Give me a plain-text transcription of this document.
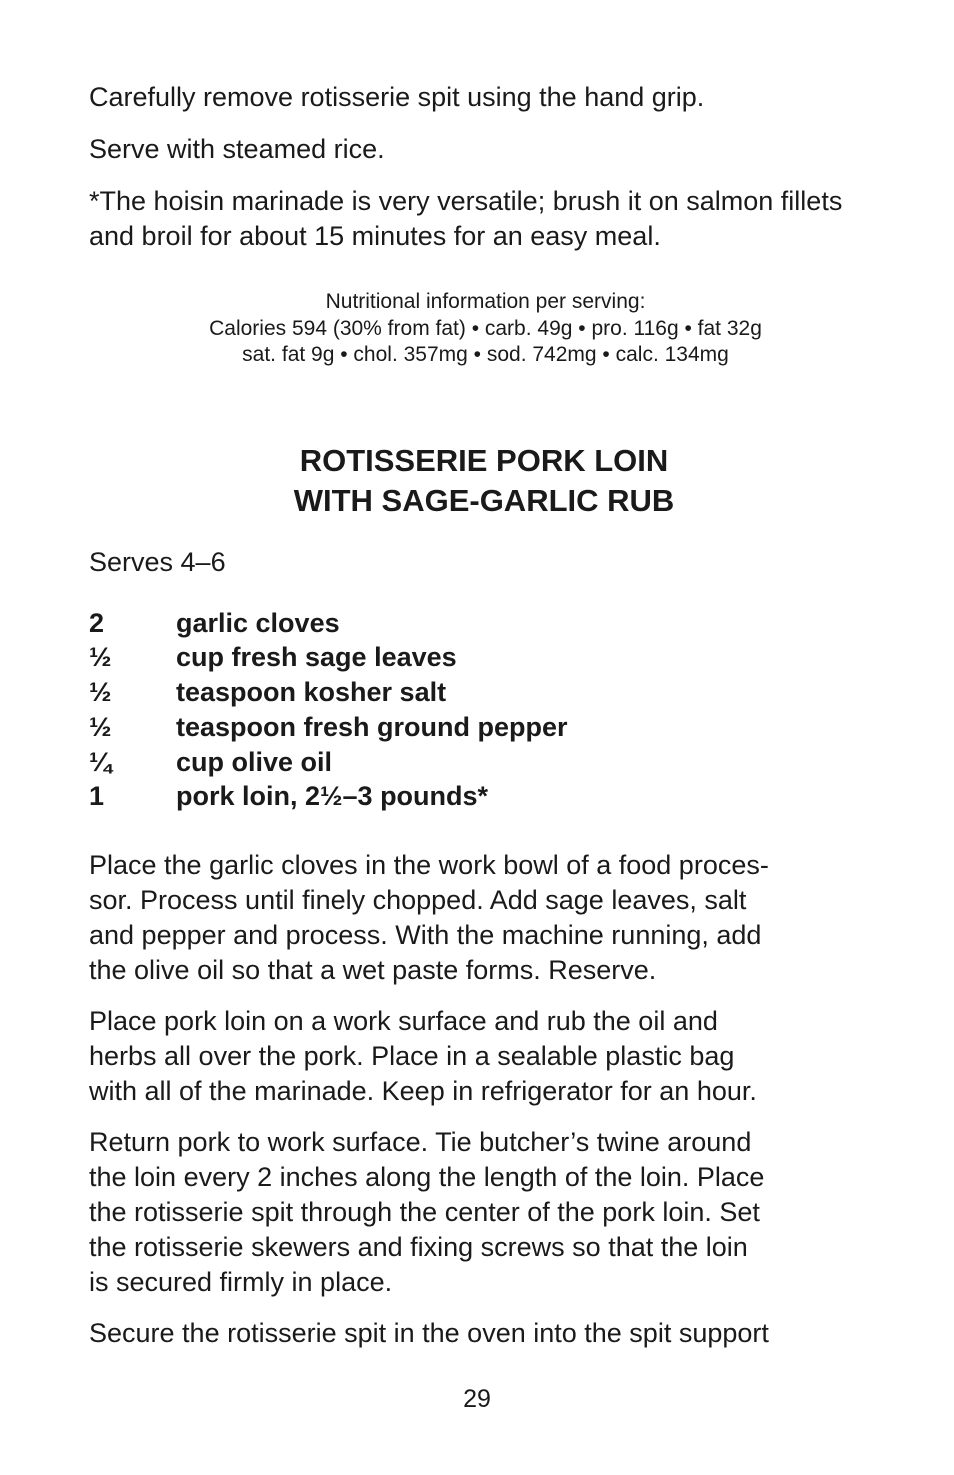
Carefully remove rotisserie spit using the hand grip.

Serve with steamed rice.

*The hoisin marinade is very versatile; brush it on salmon fillets and broil for about 15 minutes for an easy meal.

Nutritional information per serving:
Calories 594 (30% from fat) • carb. 49g • pro. 116g • fat 32g
sat. fat 9g • chol. 357mg • sod. 742mg • calc. 134mg
ROTISSERIE PORK LOIN
WITH SAGE-GARLIC RUB
Serves 4–6
2	garlic cloves
½	cup fresh sage leaves
½	teaspoon kosher salt
½	teaspoon fresh ground pepper
¼	cup olive oil
1	pork loin, 2½–3 pounds*

Place the garlic cloves in the work bowl of a food proces-
sor. Process until finely chopped. Add sage leaves, salt
and pepper and process. With the machine running, add
the olive oil so that a wet paste forms. Reserve.

Place pork loin on a work surface and rub the oil and
herbs all over the pork. Place in a sealable plastic bag
with all of the marinade. Keep in refrigerator for an hour.

Return pork to work surface. Tie butcher’s twine around
the loin every 2 inches along the length of the loin. Place
the rotisserie spit through the center of the pork loin. Set
the rotisserie skewers and fixing screws so that the loin
is secured firmly in place.

Secure the rotisserie spit in the oven into the spit support

29
